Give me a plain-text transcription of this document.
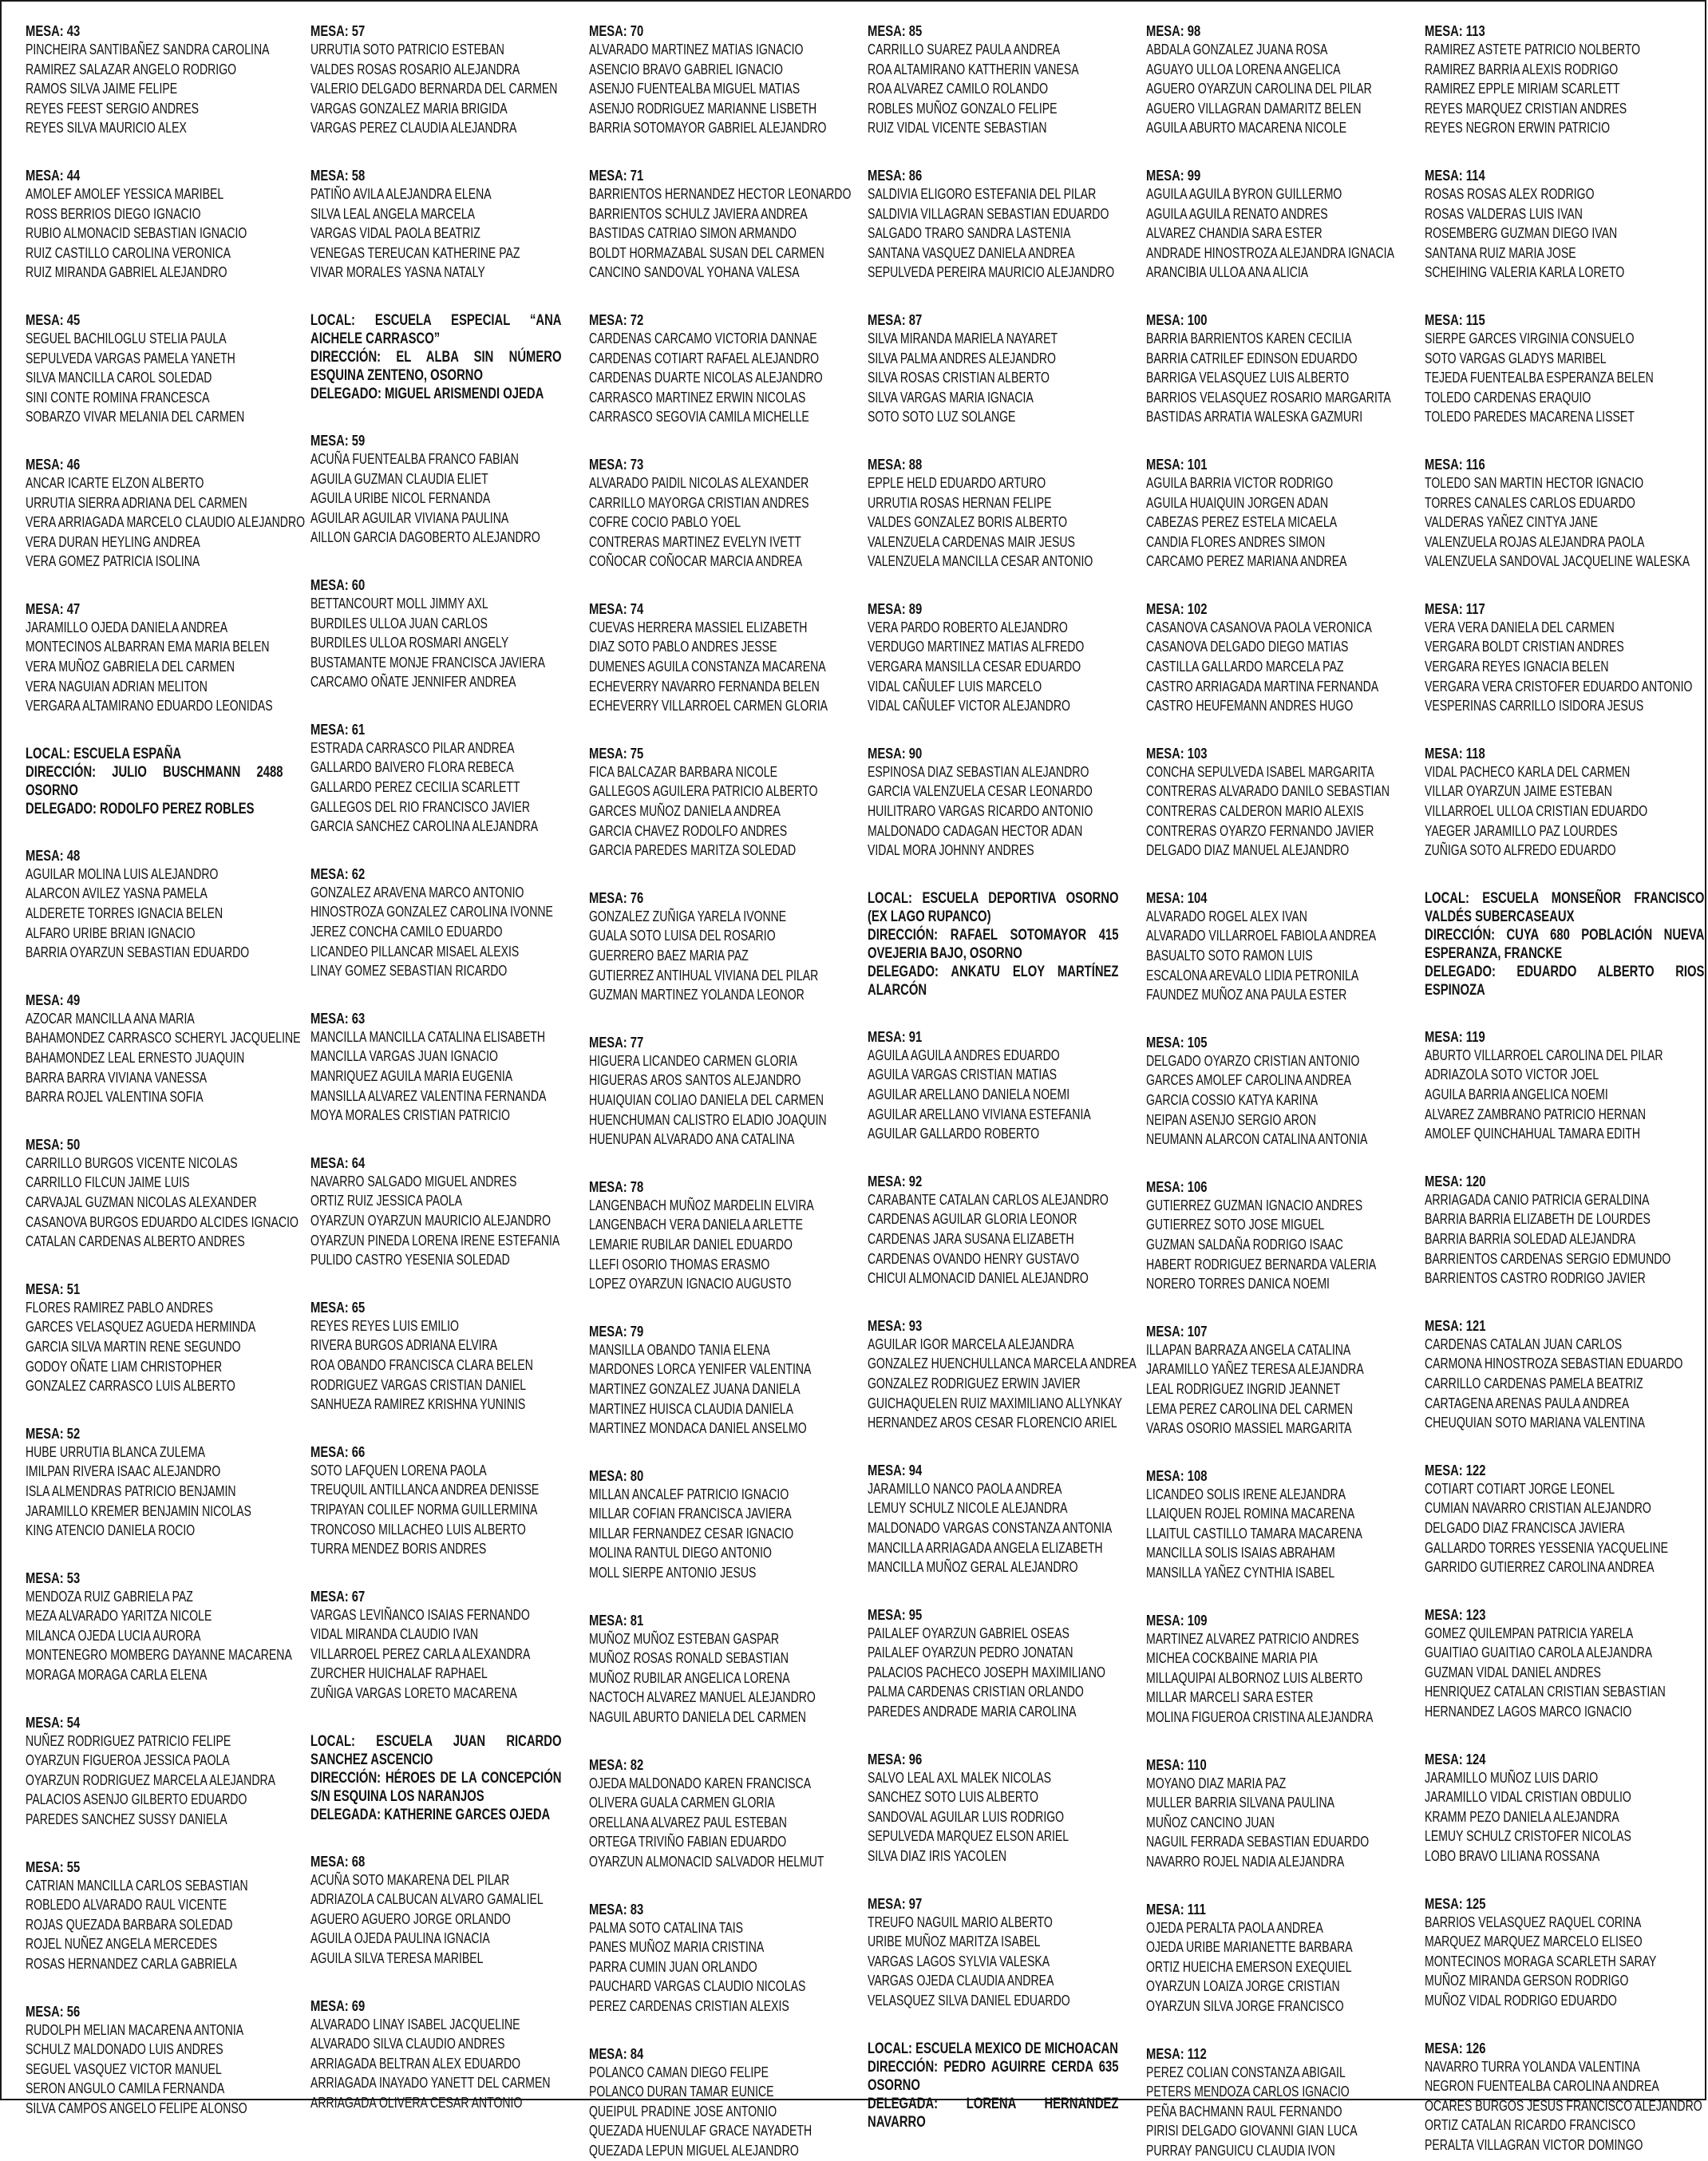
MESA: 43
PINCHEIRA SANTIBAÑEZ SANDRA CAROLINA
RAMIREZ SALAZAR ANGELO RODRIGO
RAMOS SILVA JAIME FELIPE
REYES FEEST SERGIO ANDRES
REYES SILVA MAURICIO ALEX
MESA: 44
AMOLEF AMOLEF YESSICA MARIBEL
ROSS BERRIOS DIEGO IGNACIO
RUBIO ALMONACID SEBASTIAN IGNACIO
RUIZ CASTILLO CAROLINA VERONICA
RUIZ MIRANDA GABRIEL ALEJANDRO
MESA: 45
SEGUEL BACHILOGLU STELIA PAULA
SEPULVEDA VARGAS PAMELA YANETH
SILVA MANCILLA CAROL SOLEDAD
SINI CONTE ROMINA FRANCESCA
SOBARZO VIVAR MELANIA DEL CARMEN
MESA: 46
ANCAR ICARTE ELZON ALBERTO
URRUTIA SIERRA ADRIANA DEL CARMEN
VERA ARRIAGADA MARCELO CLAUDIO ALEJANDRO
VERA DURAN HEYLING ANDREA
VERA GOMEZ PATRICIA ISOLINA
MESA: 47
JARAMILLO OJEDA DANIELA ANDREA
MONTECINOS ALBARRAN EMA MARIA BELEN
VERA MUÑOZ GABRIELA DEL CARMEN
VERA NAGUIAN ADRIAN MELITON
VERGARA ALTAMIRANO EDUARDO LEONIDAS
LOCAL: ESCUELA ESPAÑA
DIRECCIÓN: JULIO BUSCHMANN 2488 OSORNO
DELEGADO: RODOLFO PEREZ ROBLES
MESA: 48
AGUILAR MOLINA LUIS ALEJANDRO
ALARCON AVILEZ YASNA PAMELA
ALDERETE TORRES IGNACIA BELEN
ALFARO URIBE BRIAN IGNACIO
BARRIA OYARZUN SEBASTIAN EDUARDO
MESA: 49
AZOCAR MANCILLA ANA MARIA
BAHAMONDEZ CARRASCO SCHERYL JACQUELINE
BAHAMONDEZ LEAL ERNESTO JUAQUIN
BARRA BARRA VIVIANA VANESSA
BARRA ROJEL VALENTINA SOFIA
MESA: 50
CARRILLO BURGOS VICENTE NICOLAS
CARRILLO FILCUN JAIME LUIS
CARVAJAL GUZMAN NICOLAS ALEXANDER
CASANOVA BURGOS EDUARDO ALCIDES IGNACIO
CATALAN CARDENAS ALBERTO ANDRES
MESA: 51
FLORES RAMIREZ PABLO ANDRES
GARCES VELASQUEZ AGUEDA HERMINDA
GARCIA SILVA MARTIN RENE SEGUNDO
GODOY OÑATE LIAM CHRISTOPHER
GONZALEZ CARRASCO LUIS ALBERTO
MESA: 52
HUBE URRUTIA BLANCA ZULEMA
IMILPAN RIVERA ISAAC ALEJANDRO
ISLA ALMENDRAS PATRICIO BENJAMIN
JARAMILLO KREMER BENJAMIN NICOLAS
KING ATENCIO DANIELA ROCIO
MESA: 53
MENDOZA RUIZ GABRIELA PAZ
MEZA ALVARADO YARITZA NICOLE
MILANCA OJEDA LUCIA AURORA
MONTENEGRO MOMBERG DAYANNE MACARENA
MORAGA MORAGA CARLA ELENA
MESA: 54
NUÑEZ RODRIGUEZ PATRICIO FELIPE
OYARZUN FIGUEROA JESSICA PAOLA
OYARZUN RODRIGUEZ MARCELA ALEJANDRA
PALACIOS ASENJO GILBERTO EDUARDO
PAREDES SANCHEZ SUSSY DANIELA
MESA: 55
CATRIAN MANCILLA CARLOS SEBASTIAN
ROBLEDO ALVARADO RAUL VICENTE
ROJAS QUEZADA BARBARA SOLEDAD
ROJEL NUÑEZ ANGELA MERCEDES
ROSAS HERNANDEZ CARLA GABRIELA
MESA: 56
RUDOLPH MELIAN MACARENA ANTONIA
SCHULZ MALDONADO LUIS ANDRES
SEGUEL VASQUEZ VICTOR MANUEL
SERON ANGULO CAMILA FERNANDA
SILVA CAMPOS ANGELO FELIPE ALONSO
MESA: 57
URRUTIA SOTO PATRICIO ESTEBAN
VALDES ROSAS ROSARIO ALEJANDRA
VALERIO DELGADO BERNARDA DEL CARMEN
VARGAS GONZALEZ MARIA BRIGIDA
VARGAS PEREZ CLAUDIA ALEJANDRA
MESA: 58
PATIÑO AVILA ALEJANDRA ELENA
SILVA LEAL ANGELA MARCELA
VARGAS VIDAL PAOLA BEATRIZ
VENEGAS TEREUCAN KATHERINE PAZ
VIVAR MORALES YASNA NATALY
LOCAL: ESCUELA ESPECIAL “ANA AICHELE CARRASCO”
DIRECCIÓN: EL ALBA SIN NÚMERO ESQUINA ZENTENO, OSORNO
DELEGADO: MIGUEL ARISMENDI OJEDA
MESA: 59
ACUÑA FUENTEALBA FRANCO FABIAN
AGUILA GUZMAN CLAUDIA ELIET
AGUILA URIBE NICOL FERNANDA
AGUILAR AGUILAR VIVIANA PAULINA
AILLON GARCIA DAGOBERTO ALEJANDRO
MESA: 60
BETTANCOURT MOLL JIMMY AXL
BURDILES ULLOA JUAN CARLOS
BURDILES ULLOA ROSMARI ANGELY
BUSTAMANTE MONJE FRANCISCA JAVIERA
CARCAMO OÑATE JENNIFER ANDREA
MESA: 61
ESTRADA CARRASCO PILAR ANDREA
GALLARDO BAIVERO FLORA REBECA
GALLARDO PEREZ CECILIA SCARLETT
GALLEGOS DEL RIO FRANCISCO JAVIER
GARCIA SANCHEZ CAROLINA ALEJANDRA
MESA: 62
GONZALEZ ARAVENA MARCO ANTONIO
HINOSTROZA GONZALEZ CAROLINA IVONNE
JEREZ CONCHA CAMILO EDUARDO
LICANDEO PILLANCAR MISAEL ALEXIS
LINAY GOMEZ SEBASTIAN RICARDO
MESA: 63
MANCILLA MANCILLA CATALINA ELISABETH
MANCILLA VARGAS JUAN IGNACIO
MANRIQUEZ AGUILA MARIA EUGENIA
MANSILLA ALVAREZ VALENTINA FERNANDA
MOYA MORALES CRISTIAN PATRICIO
MESA: 64
NAVARRO SALGADO MIGUEL ANDRES
ORTIZ RUIZ JESSICA PAOLA
OYARZUN OYARZUN MAURICIO ALEJANDRO
OYARZUN PINEDA LORENA IRENE ESTEFANIA
PULIDO CASTRO YESENIA SOLEDAD
MESA: 65
REYES REYES LUIS EMILIO
RIVERA BURGOS ADRIANA ELVIRA
ROA OBANDO FRANCISCA CLARA BELEN
RODRIGUEZ VARGAS CRISTIAN DANIEL
SANHUEZA RAMIREZ KRISHNA YUNINIS
MESA: 66
SOTO LAFQUEN LORENA PAOLA
TREUQUIL ANTILLANCA ANDREA DENISSE
TRIPAYAN COLILEF NORMA GUILLERMINA
TRONCOSO MILLACHEO LUIS ALBERTO
TURRA MENDEZ BORIS ANDRES
MESA: 67
VARGAS LEVIÑANCO ISAIAS FERNANDO
VIDAL MIRANDA CLAUDIO IVAN
VILLARROEL PEREZ CARLA ALEXANDRA
ZURCHER HUICHALAF RAPHAEL
ZUÑIGA VARGAS LORETO MACARENA
LOCAL: ESCUELA JUAN RICARDO SANCHEZ ASCENCIO
DIRECCIÓN: HÉROES DE LA CONCEPCIÓN S/N ESQUINA LOS NARANJOS
DELEGADA: KATHERINE GARCES OJEDA
MESA: 68
ACUÑA SOTO MAKARENA DEL PILAR
ADRIAZOLA CALBUCAN ALVARO GAMALIEL
AGUERO AGUERO JORGE ORLANDO
AGUILA OJEDA PAULINA IGNACIA
AGUILA SILVA TERESA MARIBEL
MESA: 69
ALVARADO LINAY ISABEL JACQUELINE
ALVARADO SILVA CLAUDIO ANDRES
ARRIAGADA BELTRAN ALEX EDUARDO
ARRIAGADA INAYADO YANETT DEL CARMEN
ARRIAGADA OLIVERA CESAR ANTONIO
MESA: 70
ALVARADO MARTINEZ MATIAS IGNACIO
ASENCIO BRAVO GABRIEL IGNACIO
ASENJO FUENTEALBA MIGUEL MATIAS
ASENJO RODRIGUEZ MARIANNE LISBETH
BARRIA SOTOMAYOR GABRIEL ALEJANDRO
MESA: 71
BARRIENTOS HERNANDEZ HECTOR LEONARDO
BARRIENTOS SCHULZ JAVIERA ANDREA
BASTIDAS CATRIAO SIMON ARMANDO
BOLDT HORMAZABAL SUSAN DEL CARMEN
CANCINO SANDOVAL YOHANA VALESA
MESA: 72
CARDENAS CARCAMO VICTORIA DANNAE
CARDENAS COTIART RAFAEL ALEJANDRO
CARDENAS DUARTE NICOLAS ALEJANDRO
CARRASCO MARTINEZ ERWIN NICOLAS
CARRASCO SEGOVIA CAMILA MICHELLE
MESA: 73
ALVARADO PAIDIL NICOLAS ALEXANDER
CARRILLO MAYORGA CRISTIAN ANDRES
COFRE COCIO PABLO YOEL
CONTRERAS MARTINEZ EVELYN IVETT
COÑOCAR COÑOCAR MARCIA ANDREA
MESA: 74
CUEVAS HERRERA MASSIEL ELIZABETH
DIAZ SOTO PABLO ANDRES JESSE
DUMENES AGUILA CONSTANZA MACARENA
ECHEVERRY NAVARRO FERNANDA BELEN
ECHEVERRY VILLARROEL CARMEN GLORIA
MESA: 75
FICA BALCAZAR BARBARA NICOLE
GALLEGOS AGUILERA PATRICIO ALBERTO
GARCES MUÑOZ DANIELA ANDREA
GARCIA CHAVEZ RODOLFO ANDRES
GARCIA PAREDES MARITZA SOLEDAD
MESA: 76
GONZALEZ ZUÑIGA YARELA IVONNE
GUALA SOTO LUISA DEL ROSARIO
GUERRERO BAEZ MARIA PAZ
GUTIERREZ ANTIHUAL VIVIANA DEL PILAR
GUZMAN MARTINEZ YOLANDA LEONOR
MESA: 77
HIGUERA LICANDEO CARMEN GLORIA
HIGUERAS AROS SANTOS ALEJANDRO
HUAIQUIAN COLIAO DANIELA DEL CARMEN
HUENCHUMAN CALISTRO ELADIO JOAQUIN
HUENUPAN ALVARADO ANA CATALINA
MESA: 78
LANGENBACH MUÑOZ MARDELIN ELVIRA
LANGENBACH VERA DANIELA ARLETTE
LEMARIE RUBILAR DANIEL EDUARDO
LLEFI OSORIO THOMAS ERASMO
LOPEZ OYARZUN IGNACIO AUGUSTO
MESA: 79
MANSILLA OBANDO TANIA ELENA
MARDONES LORCA YENIFER VALENTINA
MARTINEZ GONZALEZ JUANA DANIELA
MARTINEZ HUISCA CLAUDIA DANIELA
MARTINEZ MONDACA DANIEL ANSELMO
MESA: 80
MILLAN ANCALEF PATRICIO IGNACIO
MILLAR COFIAN FRANCISCA JAVIERA
MILLAR FERNANDEZ CESAR IGNACIO
MOLINA RANTUL DIEGO ANTONIO
MOLL SIERPE ANTONIO JESUS
MESA: 81
MUÑOZ MUÑOZ ESTEBAN GASPAR
MUÑOZ ROSAS RONALD SEBASTIAN
MUÑOZ RUBILAR ANGELICA LORENA
NACTOCH ALVAREZ MANUEL ALEJANDRO
NAGUIL ABURTO DANIELA DEL CARMEN
MESA: 82
OJEDA MALDONADO KAREN FRANCISCA
OLIVERA GUALA CARMEN GLORIA
ORELLANA ALVAREZ PAUL ESTEBAN
ORTEGA TRIVIÑO FABIAN EDUARDO
OYARZUN ALMONACID SALVADOR HELMUT
MESA: 83
PALMA SOTO CATALINA TAIS
PANES MUÑOZ MARIA CRISTINA
PARRA CUMIN JUAN ORLANDO
PAUCHARD VARGAS CLAUDIO NICOLAS
PEREZ CARDENAS CRISTIAN ALEXIS
MESA: 84
POLANCO CAMAN DIEGO FELIPE
POLANCO DURAN TAMAR EUNICE
QUEIPUL PRADINE JOSE ANTONIO
QUEZADA HUENULAF GRACE NAYADETH
QUEZADA LEPUN MIGUEL ALEJANDRO
MESA: 85
CARRILLO SUAREZ PAULA ANDREA
ROA ALTAMIRANO KATTHERIN VANESA
ROA ALVAREZ CAMILO ROLANDO
ROBLES MUÑOZ GONZALO FELIPE
RUIZ VIDAL VICENTE SEBASTIAN
MESA: 86
SALDIVIA ELIGORO ESTEFANIA DEL PILAR
SALDIVIA VILLAGRAN SEBASTIAN EDUARDO
SALGADO TRARO SANDRA LASTENIA
SANTANA VASQUEZ DANIELA ANDREA
SEPULVEDA PEREIRA MAURICIO ALEJANDRO
MESA: 87
SILVA MIRANDA MARIELA NAYARET
SILVA PALMA ANDRES ALEJANDRO
SILVA ROSAS CRISTIAN ALBERTO
SILVA VARGAS MARIA IGNACIA
SOTO SOTO LUZ SOLANGE
MESA: 88
EPPLE HELD EDUARDO ARTURO
URRUTIA ROSAS HERNAN FELIPE
VALDES GONZALEZ BORIS ALBERTO
VALENZUELA CARDENAS MAIR JESUS
VALENZUELA MANCILLA CESAR ANTONIO
MESA: 89
VERA PARDO ROBERTO ALEJANDRO
VERDUGO MARTINEZ MATIAS ALFREDO
VERGARA MANSILLA CESAR EDUARDO
VIDAL CAÑULEF LUIS MARCELO
VIDAL CAÑULEF VICTOR ALEJANDRO
MESA: 90
ESPINOSA DIAZ SEBASTIAN ALEJANDRO
GARCIA VALENZUELA CESAR LEONARDO
HUILITRARO VARGAS RICARDO ANTONIO
MALDONADO CADAGAN HECTOR ADAN
VIDAL MORA JOHNNY ANDRES
LOCAL: ESCUELA DEPORTIVA OSORNO (EX LAGO RUPANCO)
DIRECCIÓN: RAFAEL SOTOMAYOR 415 OVEJERIA BAJO, OSORNO
DELEGADO: ANKATU ELOY MARTÍNEZ ALARCÓN
MESA: 91
AGUILA AGUILA ANDRES EDUARDO
AGUILA VARGAS CRISTIAN MATIAS
AGUILAR ARELLANO DANIELA NOEMI
AGUILAR ARELLANO VIVIANA ESTEFANIA
AGUILAR GALLARDO ROBERTO
MESA: 92
CARABANTE CATALAN CARLOS ALEJANDRO
CARDENAS AGUILAR GLORIA LEONOR
CARDENAS JARA SUSANA ELIZABETH
CARDENAS OVANDO HENRY GUSTAVO
CHICUI ALMONACID DANIEL ALEJANDRO
MESA: 93
AGUILAR IGOR MARCELA ALEJANDRA
GONZALEZ HUENCHULLANCA MARCELA ANDREA
GONZALEZ RODRIGUEZ ERWIN JAVIER
GUICHAQUELEN RUIZ MAXIMILIANO ALLYNKAY
HERNANDEZ AROS CESAR FLORENCIO ARIEL
MESA: 94
JARAMILLO NANCO PAOLA ANDREA
LEMUY SCHULZ NICOLE ALEJANDRA
MALDONADO VARGAS CONSTANZA ANTONIA
MANCILLA ARRIAGADA ANGELA ELIZABETH
MANCILLA MUÑOZ GERAL ALEJANDRO
MESA: 95
PAILALEF OYARZUN GABRIEL OSEAS
PAILALEF OYARZUN PEDRO JONATAN
PALACIOS PACHECO JOSEPH MAXIMILIANO
PALMA CARDENAS CRISTIAN ORLANDO
PAREDES ANDRADE MARIA CAROLINA
MESA: 96
SALVO LEAL AXL MALEK NICOLAS
SANCHEZ SOTO LUIS ALBERTO
SANDOVAL AGUILAR LUIS RODRIGO
SEPULVEDA MARQUEZ ELSON ARIEL
SILVA DIAZ IRIS YACOLEN
MESA: 97
TREUFO NAGUIL MARIO ALBERTO
URIBE MUÑOZ MARITZA ISABEL
VARGAS LAGOS SYLVIA VALESKA
VARGAS OJEDA CLAUDIA ANDREA
VELASQUEZ SILVA DANIEL EDUARDO
LOCAL: ESCUELA MEXICO DE MICHOACAN
DIRECCIÓN: PEDRO AGUIRRE CERDA 635 OSORNO
DELEGADA: LORENA HERNANDEZ NAVARRO
MESA: 98
ABDALA GONZALEZ JUANA ROSA
AGUAYO ULLOA LORENA ANGELICA
AGUERO OYARZUN CAROLINA DEL PILAR
AGUERO VILLAGRAN DAMARITZ BELEN
AGUILA ABURTO MACARENA NICOLE
MESA: 99
AGUILA AGUILA BYRON GUILLERMO
AGUILA AGUILA RENATO ANDRES
ALVAREZ CHANDIA SARA ESTER
ANDRADE HINOSTROZA ALEJANDRA IGNACIA
ARANCIBIA ULLOA ANA ALICIA
MESA: 100
BARRIA BARRIENTOS KAREN CECILIA
BARRIA CATRILEF EDINSON EDUARDO
BARRIGA VELASQUEZ LUIS ALBERTO
BARRIOS VELASQUEZ ROSARIO MARGARITA
BASTIDAS ARRATIA WALESKA GAZMURI
MESA: 101
AGUILA BARRIA VICTOR RODRIGO
AGUILA HUAIQUIN JORGEN ADAN
CABEZAS PEREZ ESTELA MICAELA
CANDIA FLORES ANDRES SIMON
CARCAMO PEREZ MARIANA ANDREA
MESA: 102
CASANOVA CASANOVA PAOLA VERONICA
CASANOVA DELGADO DIEGO MATIAS
CASTILLA GALLARDO MARCELA PAZ
CASTRO ARRIAGADA MARTINA FERNANDA
CASTRO HEUFEMANN ANDRES HUGO
MESA: 103
CONCHA SEPULVEDA ISABEL MARGARITA
CONTRERAS ALVARADO DANILO SEBASTIAN
CONTRERAS CALDERON MARIO ALEXIS
CONTRERAS OYARZO FERNANDO JAVIER
DELGADO DIAZ MANUEL ALEJANDRO
MESA: 104
ALVARADO ROGEL ALEX IVAN
ALVARADO VILLARROEL FABIOLA ANDREA
BASUALTO SOTO RAMON LUIS
ESCALONA AREVALO LIDIA PETRONILA
FAUNDEZ MUÑOZ ANA PAULA ESTER
MESA: 105
DELGADO OYARZO CRISTIAN ANTONIO
GARCES AMOLEF CAROLINA ANDREA
GARCIA COSSIO KATYA KARINA
NEIPAN ASENJO SERGIO ARON
NEUMANN ALARCON CATALINA ANTONIA
MESA: 106
GUTIERREZ GUZMAN IGNACIO ANDRES
GUTIERREZ SOTO JOSE MIGUEL
GUZMAN SALDAÑA RODRIGO ISAAC
HABERT RODRIGUEZ BERNARDA VALERIA
NORERO TORRES DANICA NOEMI
MESA: 107
ILLAPAN BARRAZA ANGELA CATALINA
JARAMILLO YAÑEZ TERESA ALEJANDRA
LEAL RODRIGUEZ INGRID JEANNET
LEMA PEREZ CAROLINA DEL CARMEN
VARAS OSORIO MASSIEL MARGARITA
MESA: 108
LICANDEO SOLIS IRENE ALEJANDRA
LLAIQUEN ROJEL ROMINA MACARENA
LLAITUL CASTILLO TAMARA MACARENA
MANCILLA SOLIS ISAIAS ABRAHAM
MANSILLA YAÑEZ CYNTHIA ISABEL
MESA: 109
MARTINEZ ALVAREZ PATRICIO ANDRES
MICHEA COCKBAINE MARIA PIA
MILLAQUIPAI ALBORNOZ LUIS ALBERTO
MILLAR MARCELI SARA ESTER
MOLINA FIGUEROA CRISTINA ALEJANDRA
MESA: 110
MOYANO DIAZ MARIA PAZ
MULLER BARRIA SILVANA PAULINA
MUÑOZ CANCINO JUAN
NAGUIL FERRADA SEBASTIAN EDUARDO
NAVARRO ROJEL NADIA ALEJANDRA
MESA: 111
OJEDA PERALTA PAOLA ANDREA
OJEDA URIBE MARIANETTE BARBARA
ORTIZ HUEICHA EMERSON EXEQUIEL
OYARZUN LOAIZA JORGE CRISTIAN
OYARZUN SILVA JORGE FRANCISCO
MESA: 112
PEREZ COLIAN CONSTANZA ABIGAIL
PETERS MENDOZA CARLOS IGNACIO
PEÑA BACHMANN RAUL FERNANDO
PIRISI DELGADO GIOVANNI GIAN LUCA
PURRAY PANGUICU CLAUDIA IVON
MESA: 113
RAMIREZ ASTETE PATRICIO NOLBERTO
RAMIREZ BARRIA ALEXIS RODRIGO
RAMIREZ EPPLE MIRIAM SCARLETT
REYES MARQUEZ CRISTIAN ANDRES
REYES NEGRON ERWIN PATRICIO
MESA: 114
ROSAS ROSAS ALEX RODRIGO
ROSAS VALDERAS LUIS IVAN
ROSEMBERG GUZMAN DIEGO IVAN
SANTANA RUIZ MARIA JOSE
SCHEIHING VALERIA KARLA LORETO
MESA: 115
SIERPE GARCES VIRGINIA CONSUELO
SOTO VARGAS GLADYS MARIBEL
TEJEDA FUENTEALBA ESPERANZA BELEN
TOLEDO CARDENAS ERAQUIO
TOLEDO PAREDES MACARENA LISSET
MESA: 116
TOLEDO SAN MARTIN HECTOR IGNACIO
TORRES CANALES CARLOS EDUARDO
VALDERAS YAÑEZ CINTYA JANE
VALENZUELA ROJAS ALEJANDRA PAOLA
VALENZUELA SANDOVAL JACQUELINE WALESKA
MESA: 117
VERA VERA DANIELA DEL CARMEN
VERGARA BOLDT CRISTIAN ANDRES
VERGARA REYES IGNACIA BELEN
VERGARA VERA CRISTOFER EDUARDO ANTONIO
VESPERINAS CARRILLO ISIDORA JESUS
MESA: 118
VIDAL PACHECO KARLA DEL CARMEN
VILLAR OYARZUN JAIME ESTEBAN
VILLARROEL ULLOA CRISTIAN EDUARDO
YAEGER JARAMILLO PAZ LOURDES
ZUÑIGA SOTO ALFREDO EDUARDO
LOCAL: ESCUELA MONSEÑOR FRANCISCO VALDÉS SUBERCASEAUX
DIRECCIÓN: CUYA 680 POBLACIÓN NUEVA ESPERANZA, FRANCKE
DELEGADO: EDUARDO ALBERTO RIOS ESPINOZA
MESA: 119
ABURTO VILLARROEL CAROLINA DEL PILAR
ADRIAZOLA SOTO VICTOR JOEL
AGUILA BARRIA ANGELICA NOEMI
ALVAREZ ZAMBRANO PATRICIO HERNAN
AMOLEF QUINCHAHUAL TAMARA EDITH
MESA: 120
ARRIAGADA CANIO PATRICIA GERALDINA
BARRIA BARRIA ELIZABETH DE LOURDES
BARRIA BARRIA SOLEDAD ALEJANDRA
BARRIENTOS CARDENAS SERGIO EDMUNDO
BARRIENTOS CASTRO RODRIGO JAVIER
MESA: 121
CARDENAS CATALAN JUAN CARLOS
CARMONA HINOSTROZA SEBASTIAN EDUARDO
CARRILLO CARDENAS PAMELA BEATRIZ
CARTAGENA ARENAS PAULA ANDREA
CHEUQUIAN SOTO MARIANA VALENTINA
MESA: 122
COTIART COTIART JORGE LEONEL
CUMIAN NAVARRO CRISTIAN ALEJANDRO
DELGADO DIAZ FRANCISCA JAVIERA
GALLARDO TORRES YESSENIA YACQUELINE
GARRIDO GUTIERREZ CAROLINA ANDREA
MESA: 123
GOMEZ QUILEMPAN PATRICIA YARELA
GUAITIAO GUAITIAO CAROLA ALEJANDRA
GUZMAN VIDAL DANIEL ANDRES
HENRIQUEZ CATALAN CRISTIAN SEBASTIAN
HERNANDEZ LAGOS MARCO IGNACIO
MESA: 124
JARAMILLO MUÑOZ LUIS DARIO
JARAMILLO VIDAL CRISTIAN OBDULIO
KRAMM PEZO DANIELA ALEJANDRA
LEMUY SCHULZ CRISTOFER NICOLAS
LOBO BRAVO LILIANA ROSSANA
MESA: 125
BARRIOS VELASQUEZ RAQUEL CORINA
MARQUEZ MARQUEZ MARCELO ELISEO
MONTECINOS MORAGA SCARLETH SARAY
MUÑOZ MIRANDA GERSON RODRIGO
MUÑOZ VIDAL RODRIGO EDUARDO
MESA: 126
NAVARRO TURRA YOLANDA VALENTINA
NEGRON FUENTEALBA CAROLINA ANDREA
OCARES BURGOS JESUS FRANCISCO ALEJANDRO
ORTIZ CATALAN RICARDO FRANCISCO
PERALTA VILLAGRAN VICTOR DOMINGO
